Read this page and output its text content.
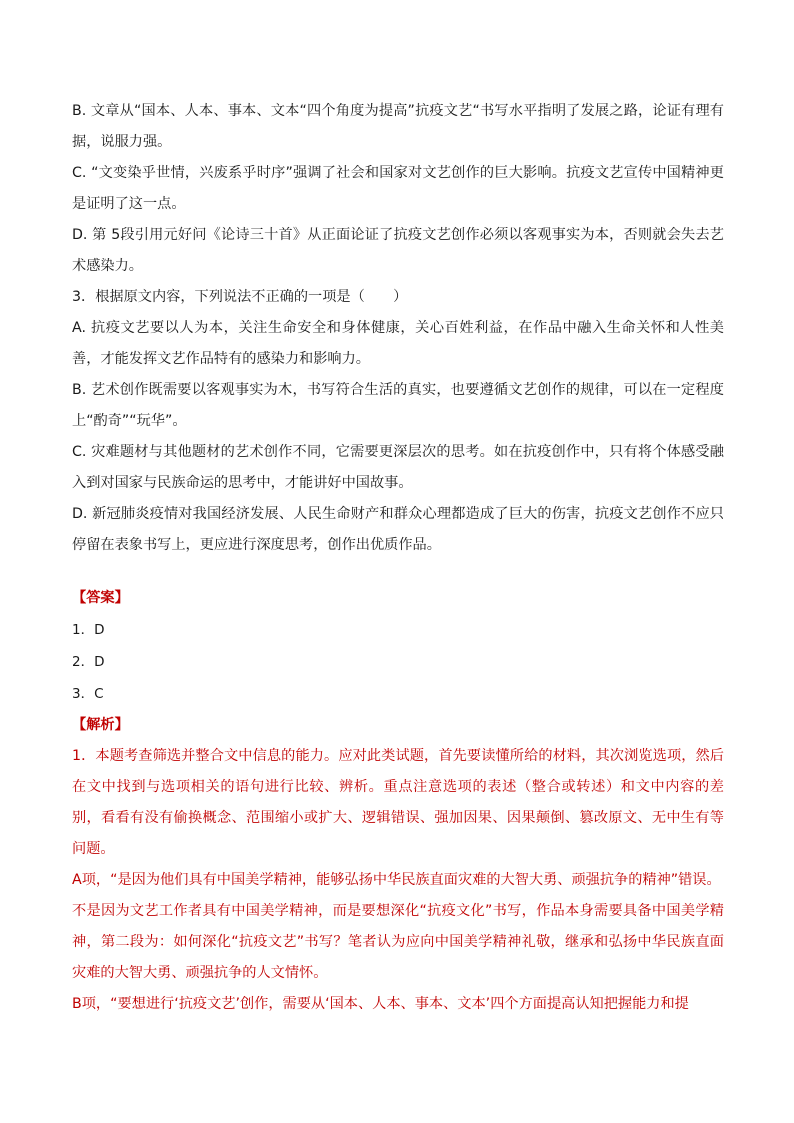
B. 文章从“国本、人本、事本、文本“四个角度为提高”抗疫文艺“书写水平指明了发展之路，论证有理有据，说服力强。

C. “文变染乎世情，兴废系乎时序”强调了社会和国家对文艺创作的巨大影响。抗疫文艺宣传中国精神更是证明了这一点。

D. 第 5段引用元好问《论诗三十首》从正面论证了抗疫文艺创作必须以客观事实为本，否则就会失去艺术感染力。

3．根据原文内容，下列说法不正确的一项是（　　）

A. 抗疫文艺要以人为本，关注生命安全和身体健康，关心百姓利益，在作品中融入生命关怀和人性美善，才能发挥文艺作品特有的感染力和影响力。

B. 艺术创作既需要以客观事实为木，书写符合生活的真实，也要遵循文艺创作的规律，可以在一定程度上“酌奇”“玩华”。

C. 灾难题材与其他题材的艺术创作不同，它需要更深层次的思考。如在抗疫创作中，只有将个体感受融入到对国家与民族命运的思考中，才能讲好中国故事。

D. 新冠肺炎疫情对我国经济发展、人民生命财产和群众心理都造成了巨大的伤害，抗疫文艺创作不应只停留在表象书写上，更应进行深度思考，创作出优质作品。

【答案】

1．D

2．D

3．C

【解析】

1．本题考查筛选并整合文中信息的能力。应对此类试题，首先要读懂所给的材料，其次浏览选项，然后在文中找到与选项相关的语句进行比较、辨析。重点注意选项的表述（整合或转述）和文中内容的差别，看看有没有偷换概念、范围缩小或扩大、逻辑错误、强加因果、因果颠倒、篡改原文、无中生有等问题。

A项，“是因为他们具有中国美学精神，能够弘扬中华民族直面灾难的大智大勇、顽强抗争的精神”错误。

不是因为文艺工作者具有中国美学精神，而是要想深化“抗疫文化”书写，作品本身需要具备中国美学精神，第二段为：如何深化“抗疫文艺”书写？笔者认为应向中国美学精神礼敬，继承和弘扬中华民族直面灾难的大智大勇、顽强抗争的人文情怀。

B项，“要想进行‘抗疫文艺’创作，需要从‘国本、人本、事本、文本’四个方面提高认知把握能力和提
